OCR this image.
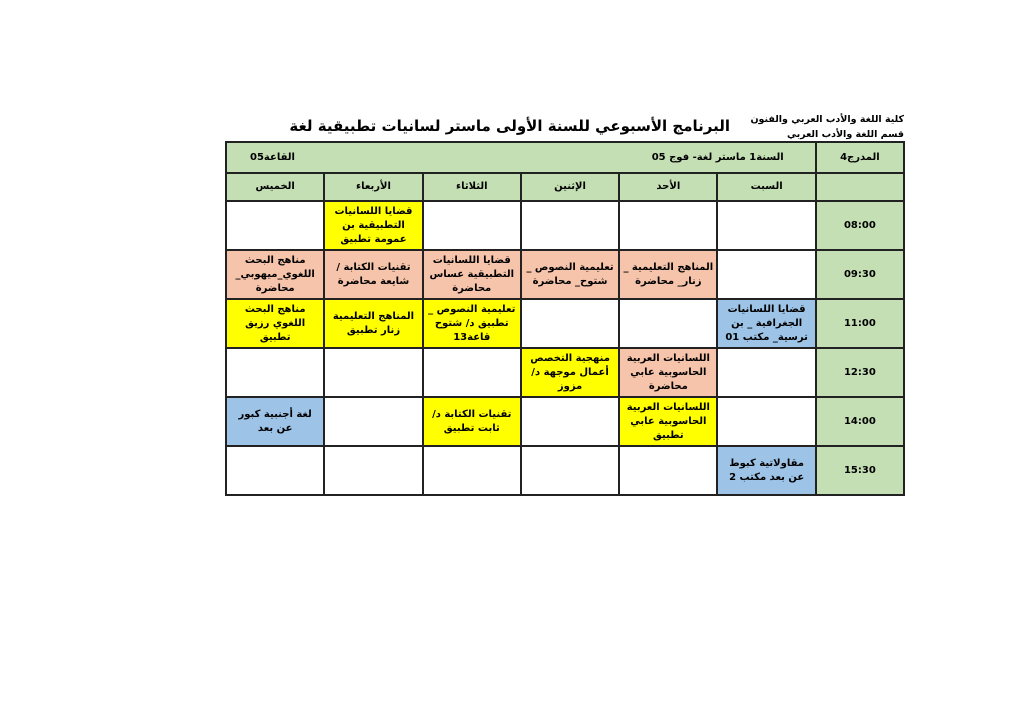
كلية اللغة والأدب العربي والفنون
قسم اللغة والأدب العربي
البرنامج الأسبوعي للسنة الأولى ماستر لسانيات تطبيقية لغة
المدرج4	السنة1 ماستر لغة- فوج 05
القاعة05					

	السبت	الأحد	الإثنين	الثلاثاء	الأربعاء	الخميس
08:00					قضايا اللسانيات التطبيقية بن عمومة تطبيق	
09:30		المناهج التعليمية _ زنار_ محاضرة	تعليمية النصوص _ شتوح_ محاضرة	قضايا اللسانيات التطبيقية عساس محاضرة	تقنيات الكتابة /شايعة محاضرة	مناهج البحث اللغوي_ميهوبي_ محاضرة
11:00	قضايا اللسانيات الجغرافية _ بن ترسية_ مكتب 01			تعليمية النصوص _ تطبيق د/ شتوح قاعة13	المناهج التعليمية زنار تطبيق	مناهج البحث اللغوي رزيق تطبيق
12:30		اللسانيات العربية الحاسوبية عابي محاضرة	منهجية التخصص أعمال موجهة د/مزوز			
14:00		اللسانيات العربية الحاسوبية عابي تطبيق		تقنيات الكتابة د/ثابت تطبيق		لغة أجنبية كبور عن بعد
15:30	مقاولاتية كبوط عن بعد مكتب 2					
